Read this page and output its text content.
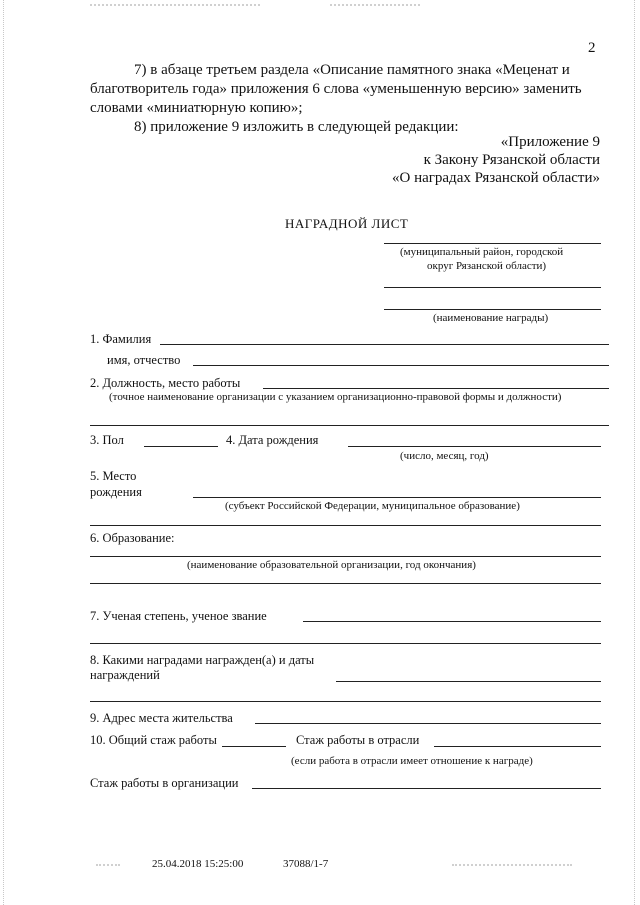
2
7) в абзаце третьем раздела «Описание памятного знака «Меценат и
благотворитель года» приложения 6 слова «уменьшенную версию» заменить
словами «миниатюрную копию»;
8) приложение 9 изложить в следующей редакции:
«Приложение 9
к Закону Рязанской области
«О наградах Рязанской области»
НАГРАДНОЙ ЛИСТ
(муниципальный район, городской
округ Рязанской области)
(наименование награды)
1. Фамилия
имя, отчество
2. Должность, место работы
(точное наименование организации с указанием организационно-правовой формы и должности)
3. Пол	4. Дата рождения
(число, месяц, год)
5. Место
рождения
(субъект Российской Федерации, муниципальное образование)
6. Образование:
(наименование образовательной организации, год окончания)
7. Ученая степень, ученое звание
8. Какими наградами награжден(а) и даты
награждений
9. Адрес места жительства
10. Общий стаж работы	Стаж работы в отрасли
(если работа в отрасли имеет отношение к награде)
Стаж работы в организации
25.04.2018 15:25:00	37088/1-7
